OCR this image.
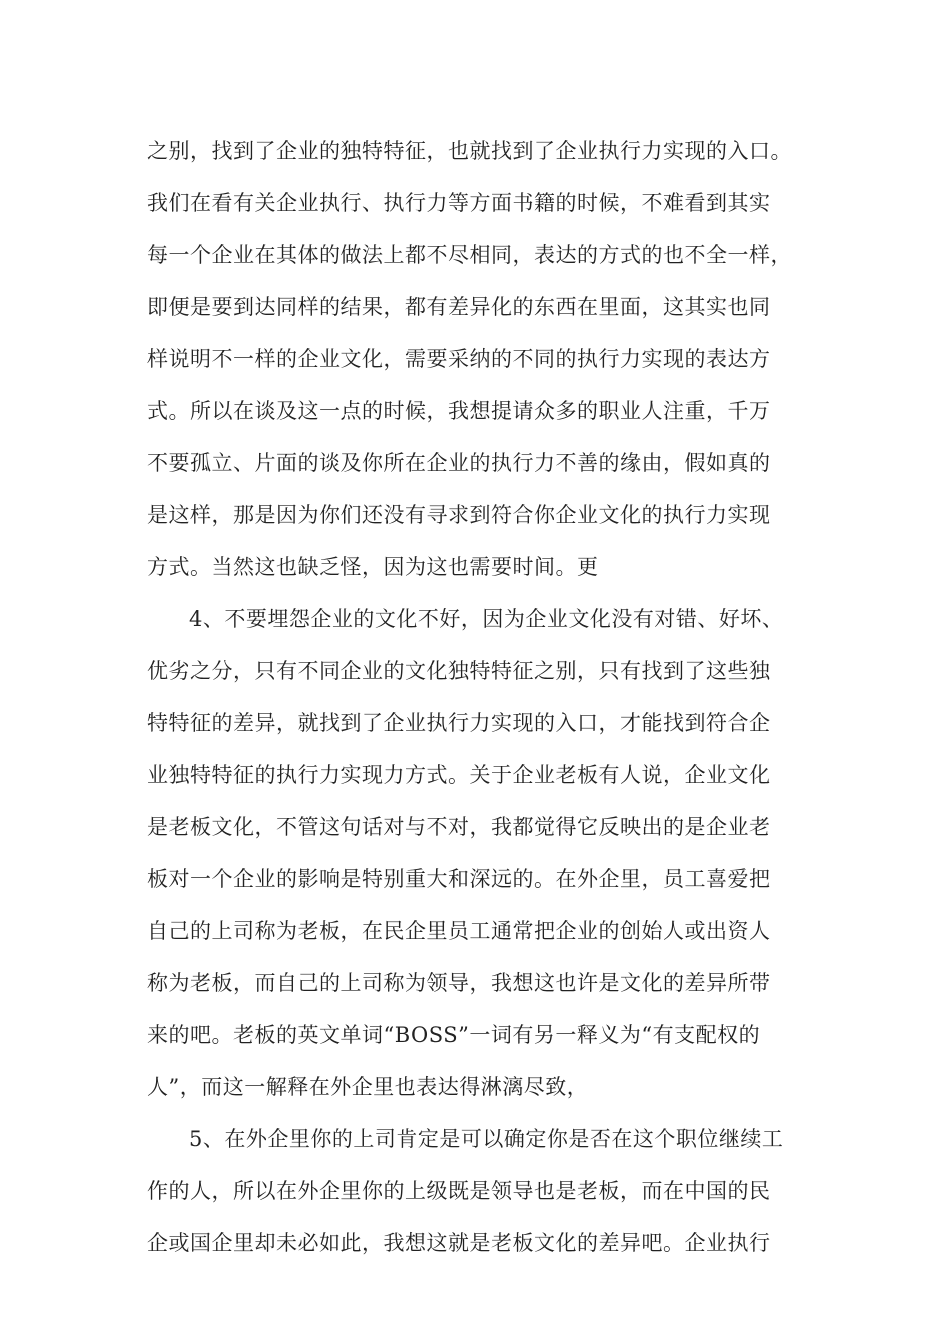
之别，找到了企业的独特特征，也就找到了企业执行力实现的入口。
我们在看有关企业执行、执行力等方面书籍的时候，不难看到其实
每一个企业在其体的做法上都不尽相同，表达的方式的也不全一样，
即便是要到达同样的结果，都有差异化的东西在里面，这其实也同
样说明不一样的企业文化，需要采纳的不同的执行力实现的表达方
式。所以在谈及这一点的时候，我想提请众多的职业人注重，千万
不要孤立、片面的谈及你所在企业的执行力不善的缘由，假如真的
是这样，那是因为你们还没有寻求到符合你企业文化的执行力实现
方式。当然这也缺乏怪，因为这也需要时间。更
4、不要埋怨企业的文化不好，因为企业文化没有对错、好坏、
优劣之分，只有不同企业的文化独特特征之别，只有找到了这些独
特特征的差异，就找到了企业执行力实现的入口，才能找到符合企
业独特特征的执行力实现力方式。关于企业老板有人说，企业文化
是老板文化，不管这句话对与不对，我都觉得它反映出的是企业老
板对一个企业的影响是特别重大和深远的。在外企里，员工喜爱把
自己的上司称为老板，在民企里员工通常把企业的创始人或出资人
称为老板，而自己的上司称为领导，我想这也许是文化的差异所带
来的吧。老板的英文单词“BOSS”一词有另一释义为“有支配权的
人”，而这一解释在外企里也表达得淋漓尽致，
5、在外企里你的上司肯定是可以确定你是否在这个职位继续工
作的人，所以在外企里你的上级既是领导也是老板，而在中国的民
企或国企里却未必如此，我想这就是老板文化的差异吧。企业执行
